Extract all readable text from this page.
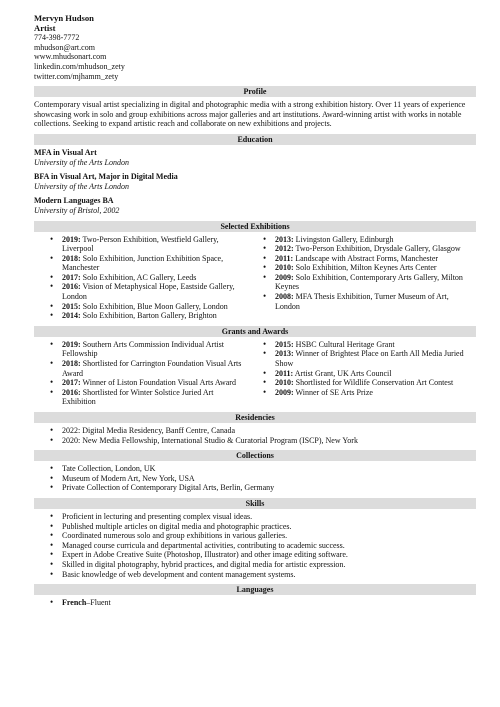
Mervyn Hudson
Artist
774-398-7772
mhudson@art.com
www.mhudsonart.com
linkedin.com/mhudson_zety
twitter.com/mjhamm_zety
Profile
Contemporary visual artist specializing in digital and photographic media with a strong exhibition history. Over 11 years of experience showcasing work in solo and group exhibitions across major galleries and art institutions. Award-winning artist with works in notable collections. Seeking to expand artistic reach and collaborate on new exhibitions and projects.
Education
MFA in Visual Art
University of the Arts London
BFA in Visual Art, Major in Digital Media
University of the Arts London
Modern Languages BA
University of Bristol, 2002
Selected Exhibitions
• 2019: Two-Person Exhibition, Westfield Gallery, Liverpool
• 2018: Solo Exhibition, Junction Exhibition Space, Manchester
• 2017: Solo Exhibition, AC Gallery, Leeds
• 2016: Vision of Metaphysical Hope, Eastside Gallery, London
• 2015: Solo Exhibition, Blue Moon Gallery, London
• 2014: Solo Exhibition, Barton Gallery, Brighton
• 2013: Livingston Gallery, Edinburgh
• 2012: Two-Person Exhibition, Drysdale Gallery, Glasgow
• 2011: Landscape with Abstract Forms, Manchester
• 2010: Solo Exhibition, Milton Keynes Arts Center
• 2009: Solo Exhibition, Contemporary Arts Gallery, Milton Keynes
• 2008: MFA Thesis Exhibition, Turner Museum of Art, London
Grants and Awards
• 2019: Southern Arts Commission Individual Artist Fellowship
• 2018: Shortlisted for Carrington Foundation Visual Arts Award
• 2017: Winner of Liston Foundation Visual Arts Award
• 2016: Shortlisted for Winter Solstice Juried Art Exhibition
• 2015: HSBC Cultural Heritage Grant
• 2013: Winner of Brightest Place on Earth All Media Juried Show
• 2011: Artist Grant, UK Arts Council
• 2010: Shortlisted for Wildlife Conservation Art Contest
• 2009: Winner of SE Arts Prize
Residencies
• 2022: Digital Media Residency, Banff Centre, Canada
• 2020: New Media Fellowship, International Studio & Curatorial Program (ISCP), New York
Collections
• Tate Collection, London, UK
• Museum of Modern Art, New York, USA
• Private Collection of Contemporary Digital Arts, Berlin, Germany
Skills
• Proficient in lecturing and presenting complex visual ideas.
• Published multiple articles on digital media and photographic practices.
• Coordinated numerous solo and group exhibitions in various galleries.
• Managed course curricula and departmental activities, contributing to academic success.
• Expert in Adobe Creative Suite (Photoshop, Illustrator) and other image editing software.
• Skilled in digital photography, hybrid practices, and digital media for artistic expression.
• Basic knowledge of web development and content management systems.
Languages
• French–Fluent
